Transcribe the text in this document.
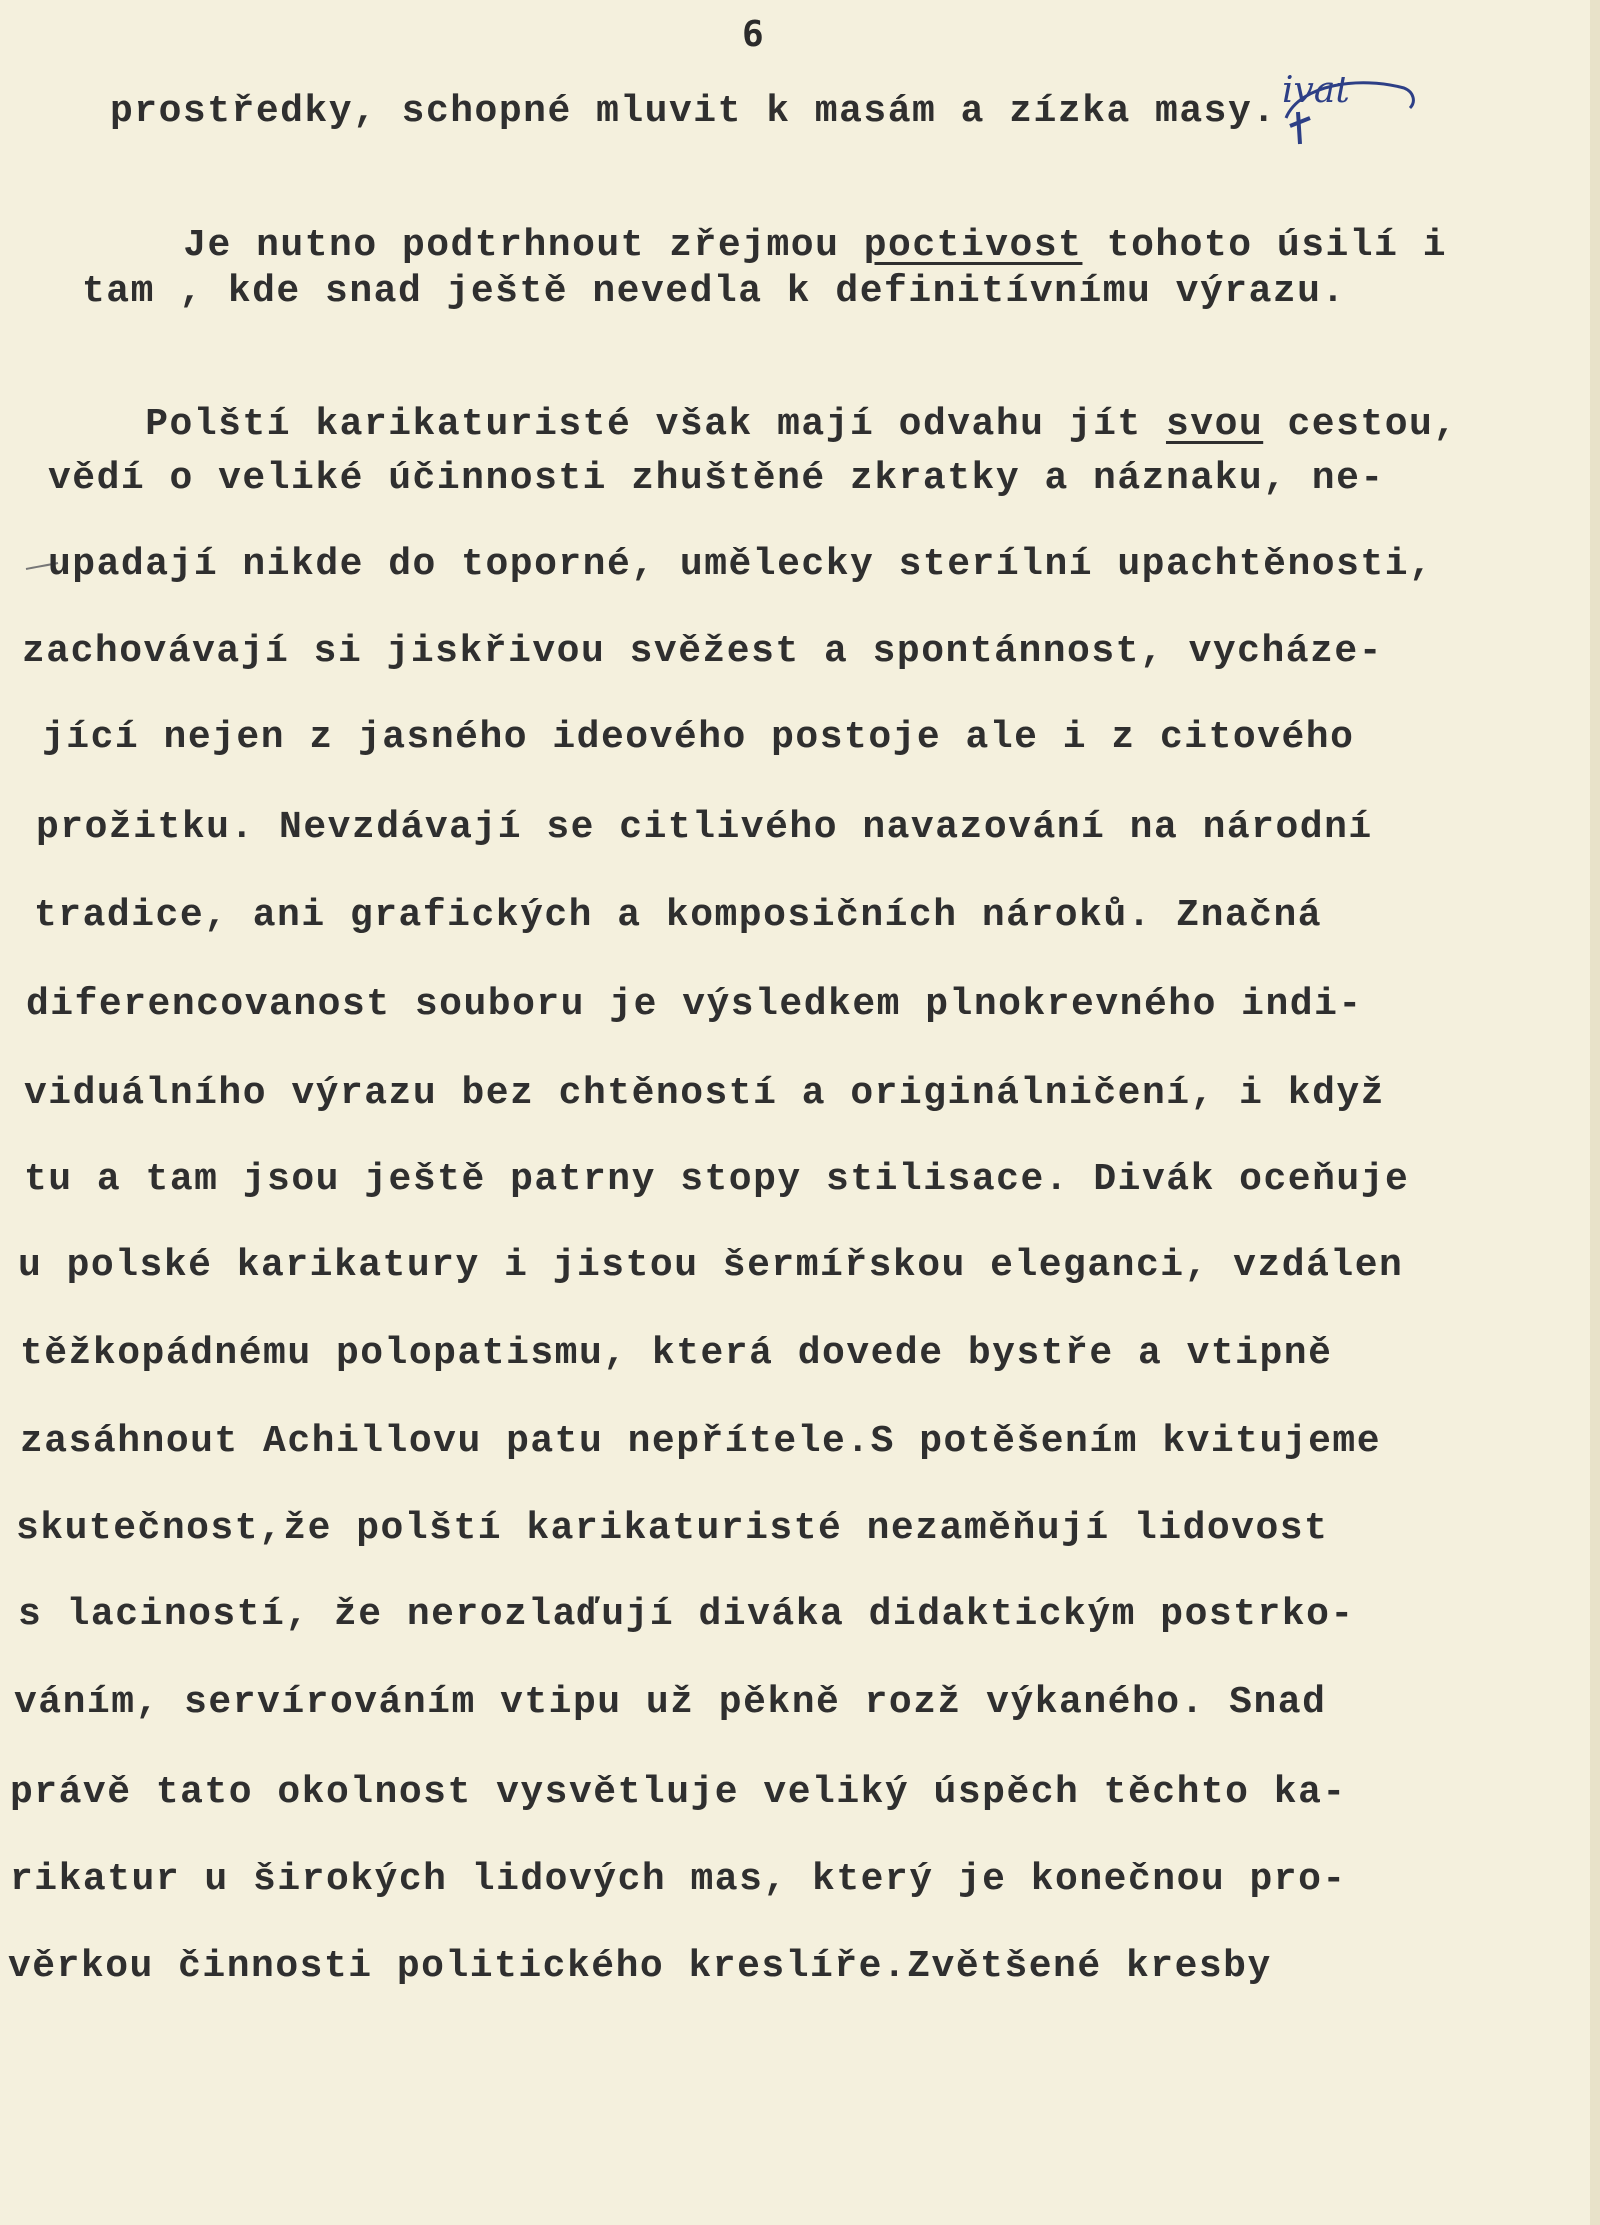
6
ivat
prostředky, schopné mluvit k masám a zízka masy.

Je nutno podtrhnout zřejmou poctivost tohoto úsilí i

tam , kde snad ještě nevedla k definitívnímu výrazu.

Polští karikaturisté však mají odvahu jít svou cestou,

vědí o veliké účinnosti zhuštěné zkratky a náznaku, ne-
upadají nikde do toporné, umělecky sterílní upachtěnosti,
zachovávají si jiskřivou svěžest a spontánnost, vycháze-
jící nejen z jasného ideového postoje ale i z citového
prožitku. Nevzdávají se citlivého navazování na národní
tradice, ani grafických a komposičních nároků. Značná
diferencovanost souboru je výsledkem plnokrevného indi-
viduálního výrazu bez chtěností a originálničení, i když
tu a tam jsou ještě patrny stopy stilisace. Divák oceňuje
u polské karikatury i jistou šermířskou eleganci, vzdálen
těžkopádnému polopatismu, která dovede bystře a vtipně
zasáhnout Achillovu patu nepřítele.S potěšením kvitujeme
skutečnost,že polští karikaturisté nezaměňují lidovost
s laciností, že nerozlaďují diváka didaktickým postrko-
váním, servírováním vtipu už pěkně rozž výkaného. Snad
právě tato okolnost vysvětluje veliký úspěch těchto ka-
rikatur u širokých lidových mas, který je konečnou pro-
věrkou činnosti politického kreslíře.Zvětšené kresby
